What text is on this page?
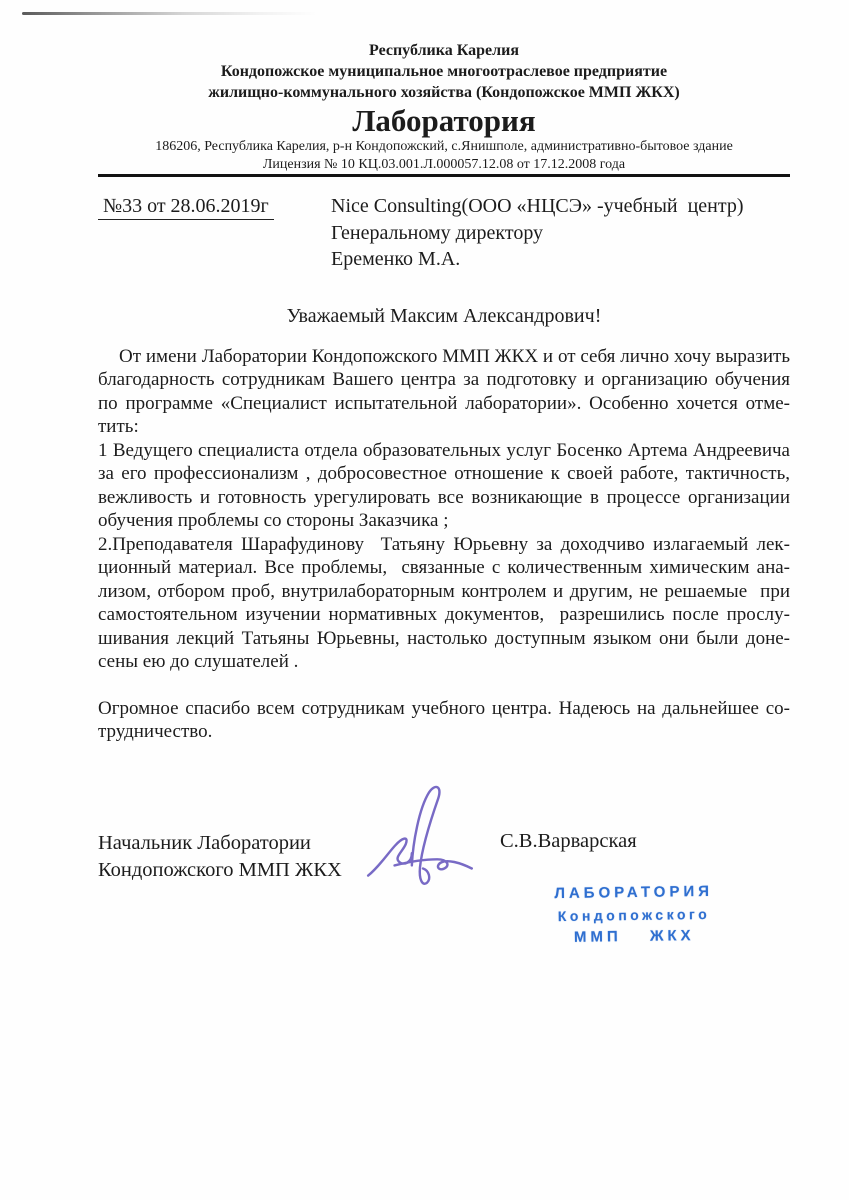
Республика Карелия
Кондопожское муниципальное многоотраслевое предприятие
жилищно-коммунального хозяйства (Кондопожское ММП ЖКХ)
Лаборатория
186206, Республика Карелия, р-н Кондопожский, с.Янишполе, административно-бытовое здание
Лицензия № 10 КЦ.03.001.Л.000057.12.08 от 17.12.2008 года
№33 от 28.06.2019г	Nice Consulting(ООО «НЦСЭ» -учебный  центр)
Генеральному директору
Еременко М.А.
Уважаемый Максим Александрович!
От имени Лаборатории Кондопожского ММП ЖКХ и от себя лично хочу выразить
благодарность сотрудникам Вашего центра за подготовку и организацию обучения
по программе «Специалист испытательной лаборатории». Особенно хочется отме-
тить:
1 Ведущего специалиста отдела образовательных услуг Босенко Артема Андреевича
за его профессионализм , добросовестное отношение к своей работе, тактичность,
вежливость и готовность урегулировать все возникающие в процессе организации
обучения проблемы со стороны Заказчика ;
2.Преподавателя Шарафудинову  Татьяну Юрьевну за доходчиво излагаемый лек-
ционный материал. Все проблемы,  связанные с количественным химическим ана-
лизом, отбором проб, внутрилабораторным контролем и другим, не решаемые  при
самостоятельном изучении нормативных документов,  разрешились после прослу-
шивания лекций Татьяны Юрьевны, настолько доступным языком они были доне-
сены ею до слушателей .
Огромное спасибо всем сотрудникам учебного центра. Надеюсь на дальнейшее со-
трудничество.
Начальник Лаборатории
Кондопожского ММП ЖКХ
С.В.Варварская
ЛАБОРАТОРИЯ
Кондопожского
ММП ЖКХ
